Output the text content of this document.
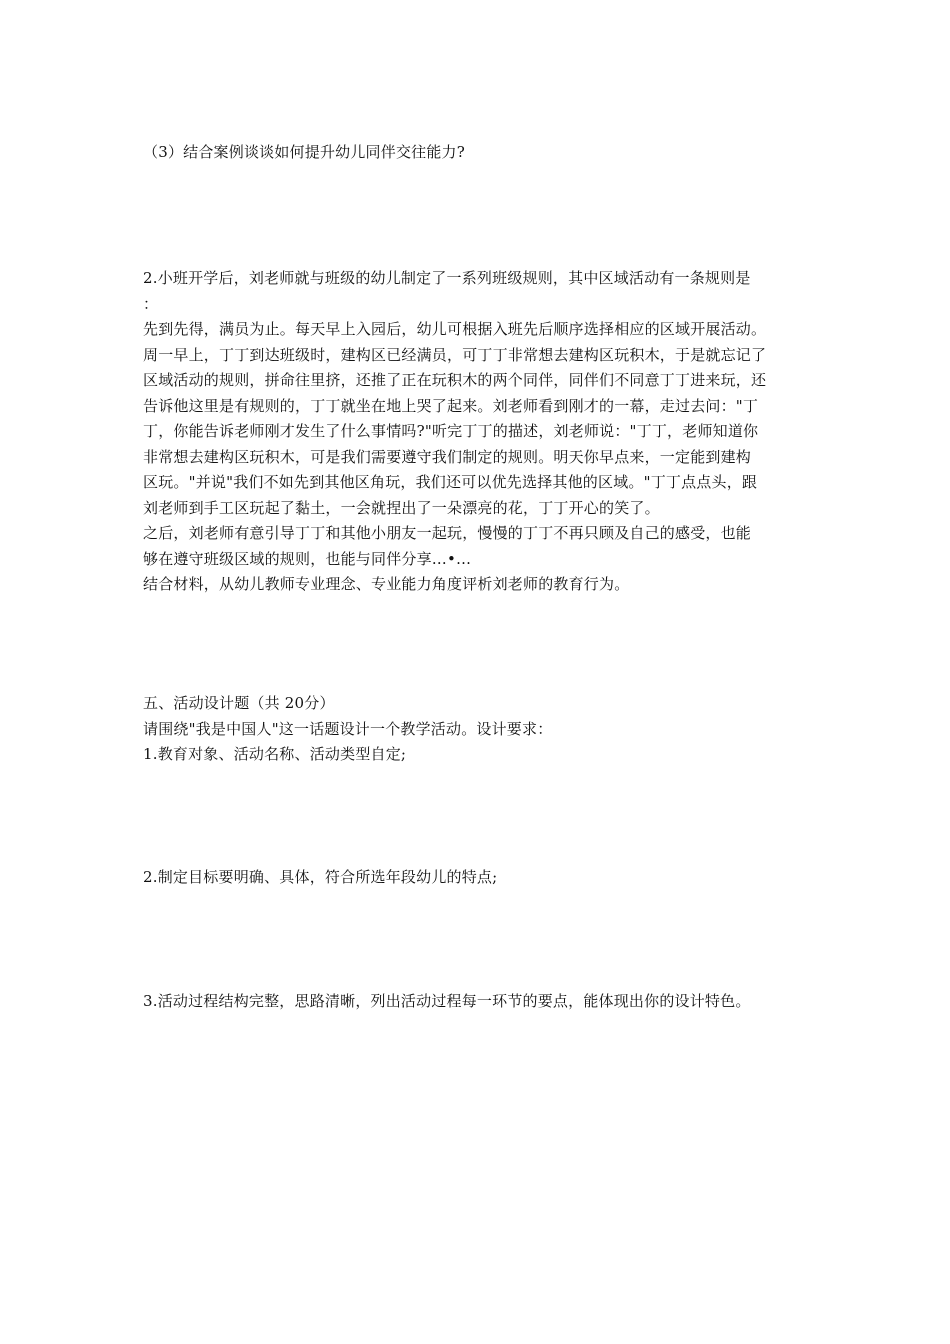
（3）结合案例谈谈如何提升幼儿同伴交往能力?
2.小班开学后，刘老师就与班级的幼儿制定了一系列班级规则，其中区域活动有一条规则是
：
先到先得，满员为止。每天早上入园后，幼儿可根据入班先后顺序选择相应的区域开展活动。
周一早上，丁丁到达班级时，建构区已经满员，可丁丁非常想去建构区玩积木，于是就忘记了
区域活动的规则，拼命往里挤，还推了正在玩积木的两个同伴，同伴们不同意丁丁进来玩，还
告诉他这里是有规则的，丁丁就坐在地上哭了起来。刘老师看到刚才的一幕，走过去问："丁
丁，你能告诉老师刚才发生了什么事情吗?"听完丁丁的描述，刘老师说："丁丁，老师知道你
非常想去建构区玩积木，可是我们需要遵守我们制定的规则。明天你早点来，一定能到建构
区玩。"并说"我们不如先到其他区角玩，我们还可以优先选择其他的区域。"丁丁点点头，跟
刘老师到手工区玩起了黏土，一会就捏出了一朵漂亮的花，丁丁开心的笑了。
之后，刘老师有意引导丁丁和其他小朋友一起玩，慢慢的丁丁不再只顾及自己的感受，也能
够在遵守班级区域的规则，也能与同伴分享…•…
结合材料，从幼儿教师专业理念、专业能力角度评析刘老师的教育行为。
五、活动设计题（共 20分）
请围绕"我是中国人"这一话题设计一个教学活动。设计要求：
1.教育对象、活动名称、活动类型自定;
2.制定目标要明确、具体，符合所选年段幼儿的特点;
3.活动过程结构完整，思路清晰，列出活动过程每一环节的要点，能体现出你的设计特色。
